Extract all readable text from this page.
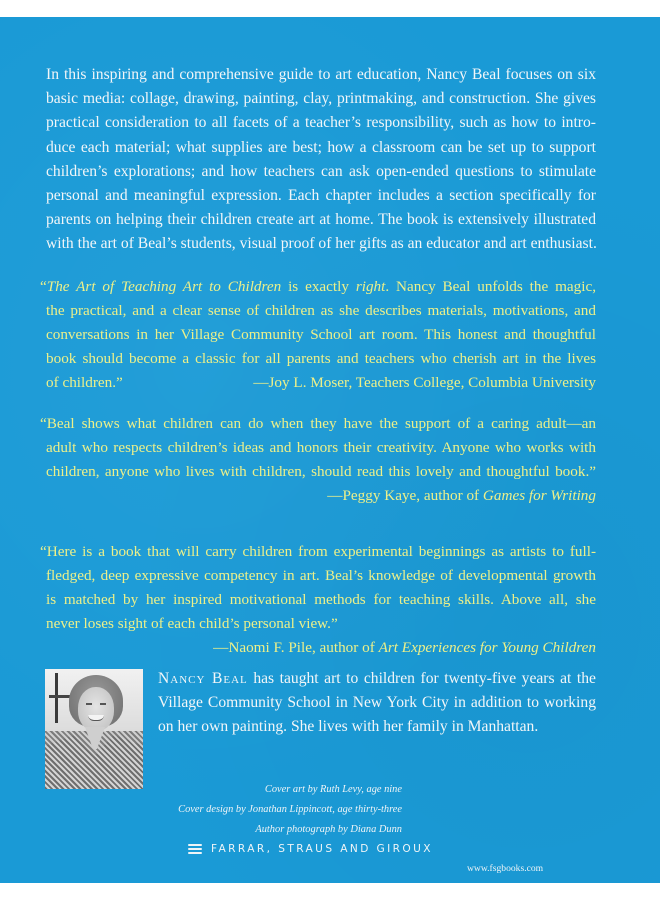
In this inspiring and comprehensive guide to art education, Nancy Beal focuses on six
basic media: collage, drawing, painting, clay, printmaking, and construction. She gives
practical consideration to all facets of a teacher’s responsibility, such as how to intro-
duce each material; what supplies are best; how a classroom can be set up to support
children’s explorations; and how teachers can ask open-ended questions to stimulate
personal and meaningful expression. Each chapter includes a section specifically for
parents on helping their children create art at home. The book is extensively illustrated
with the art of Beal’s students, visual proof of her gifts as an educator and art enthusiast.
“The Art of Teaching Art to Children is exactly right. Nancy Beal unfolds the magic,
the practical, and a clear sense of children as she describes materials, motivations, and
conversations in her Village Community School art room. This honest and thoughtful
book should become a classic for all parents and teachers who cherish art in the lives
of children.”	—Joy L. Moser, Teachers College, Columbia University
“Beal shows what children can do when they have the support of a caring adult—an
adult who respects children’s ideas and honors their creativity. Anyone who works with
children, anyone who lives with children, should read this lovely and thoughtful book.”
—Peggy Kaye, author of Games for Writing
“Here is a book that will carry children from experimental beginnings as artists to full-
fledged, deep expressive competency in art. Beal’s knowledge of developmental growth
is matched by her inspired motivational methods for teaching skills. Above all, she
never loses sight of each child’s personal view.”
—Naomi F. Pile, author of Art Experiences for Young Children
Nancy Beal has taught art to children for twenty-five years at the
Village Community School in New York City in addition to working
on her own painting. She lives with her family in Manhattan.
Cover art by Ruth Levy, age nine
Cover design by Jonathan Lippincott, age thirty-three
Author photograph by Diana Dunn
FARRAR, STRAUS AND GIROUX
www.fsgbooks.com
